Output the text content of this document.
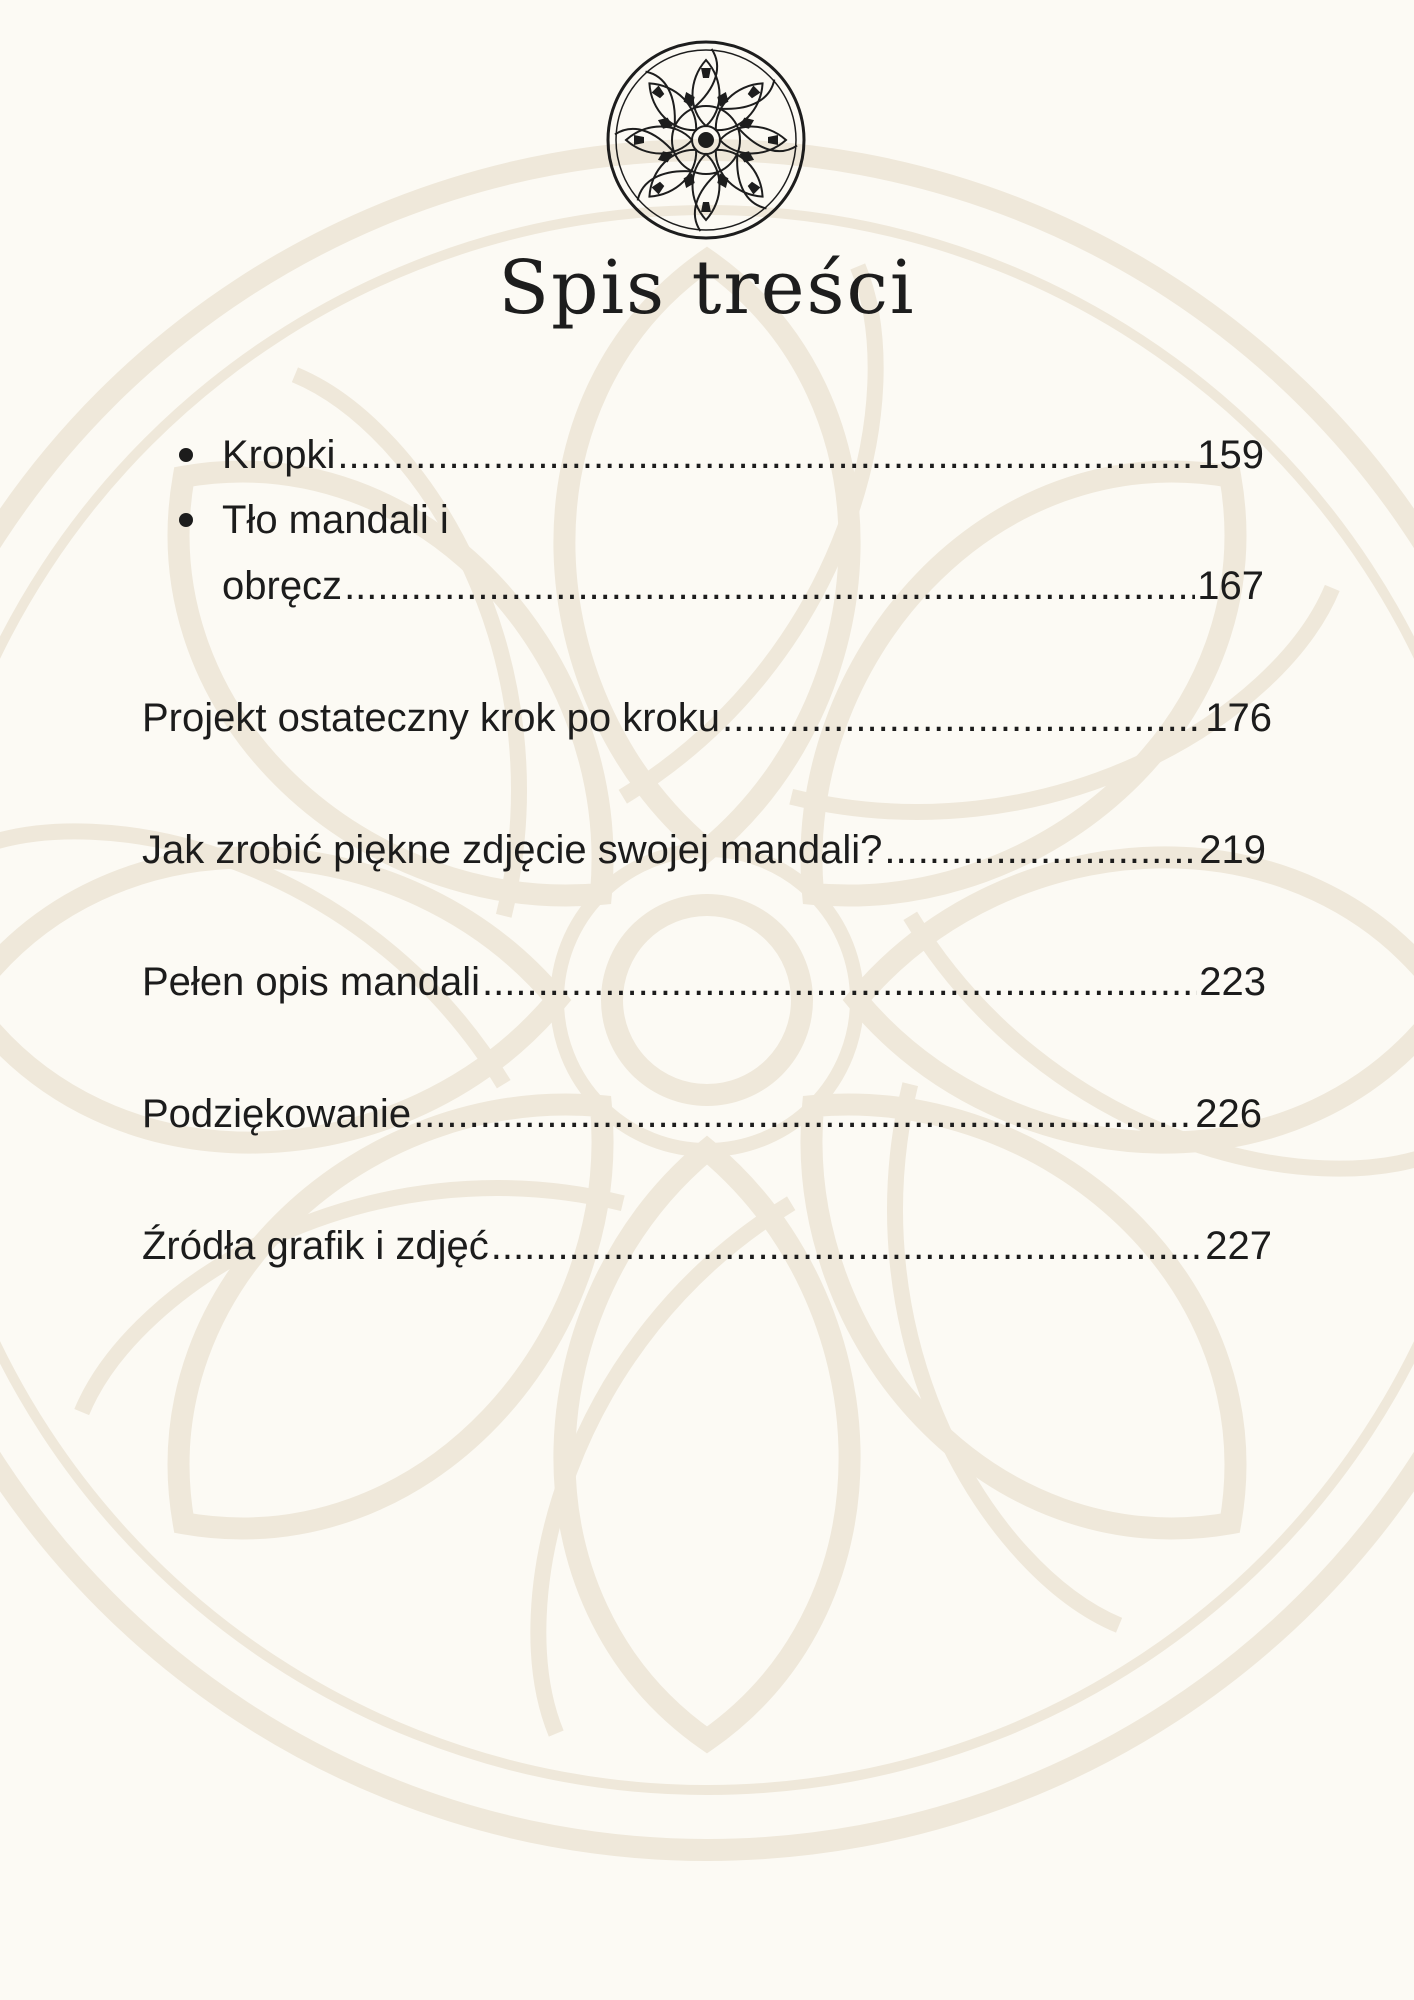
Spis treści
Kropki .....	159
Tło mandali i
obręcz .....	167
Projekt ostateczny krok po kroku .....	176
Jak zrobić piękne zdjęcie swojej mandali? .....	219
Pełen opis mandali .....	223
Podziękowanie .....	226
Źródła grafik i zdjęć .....	227
